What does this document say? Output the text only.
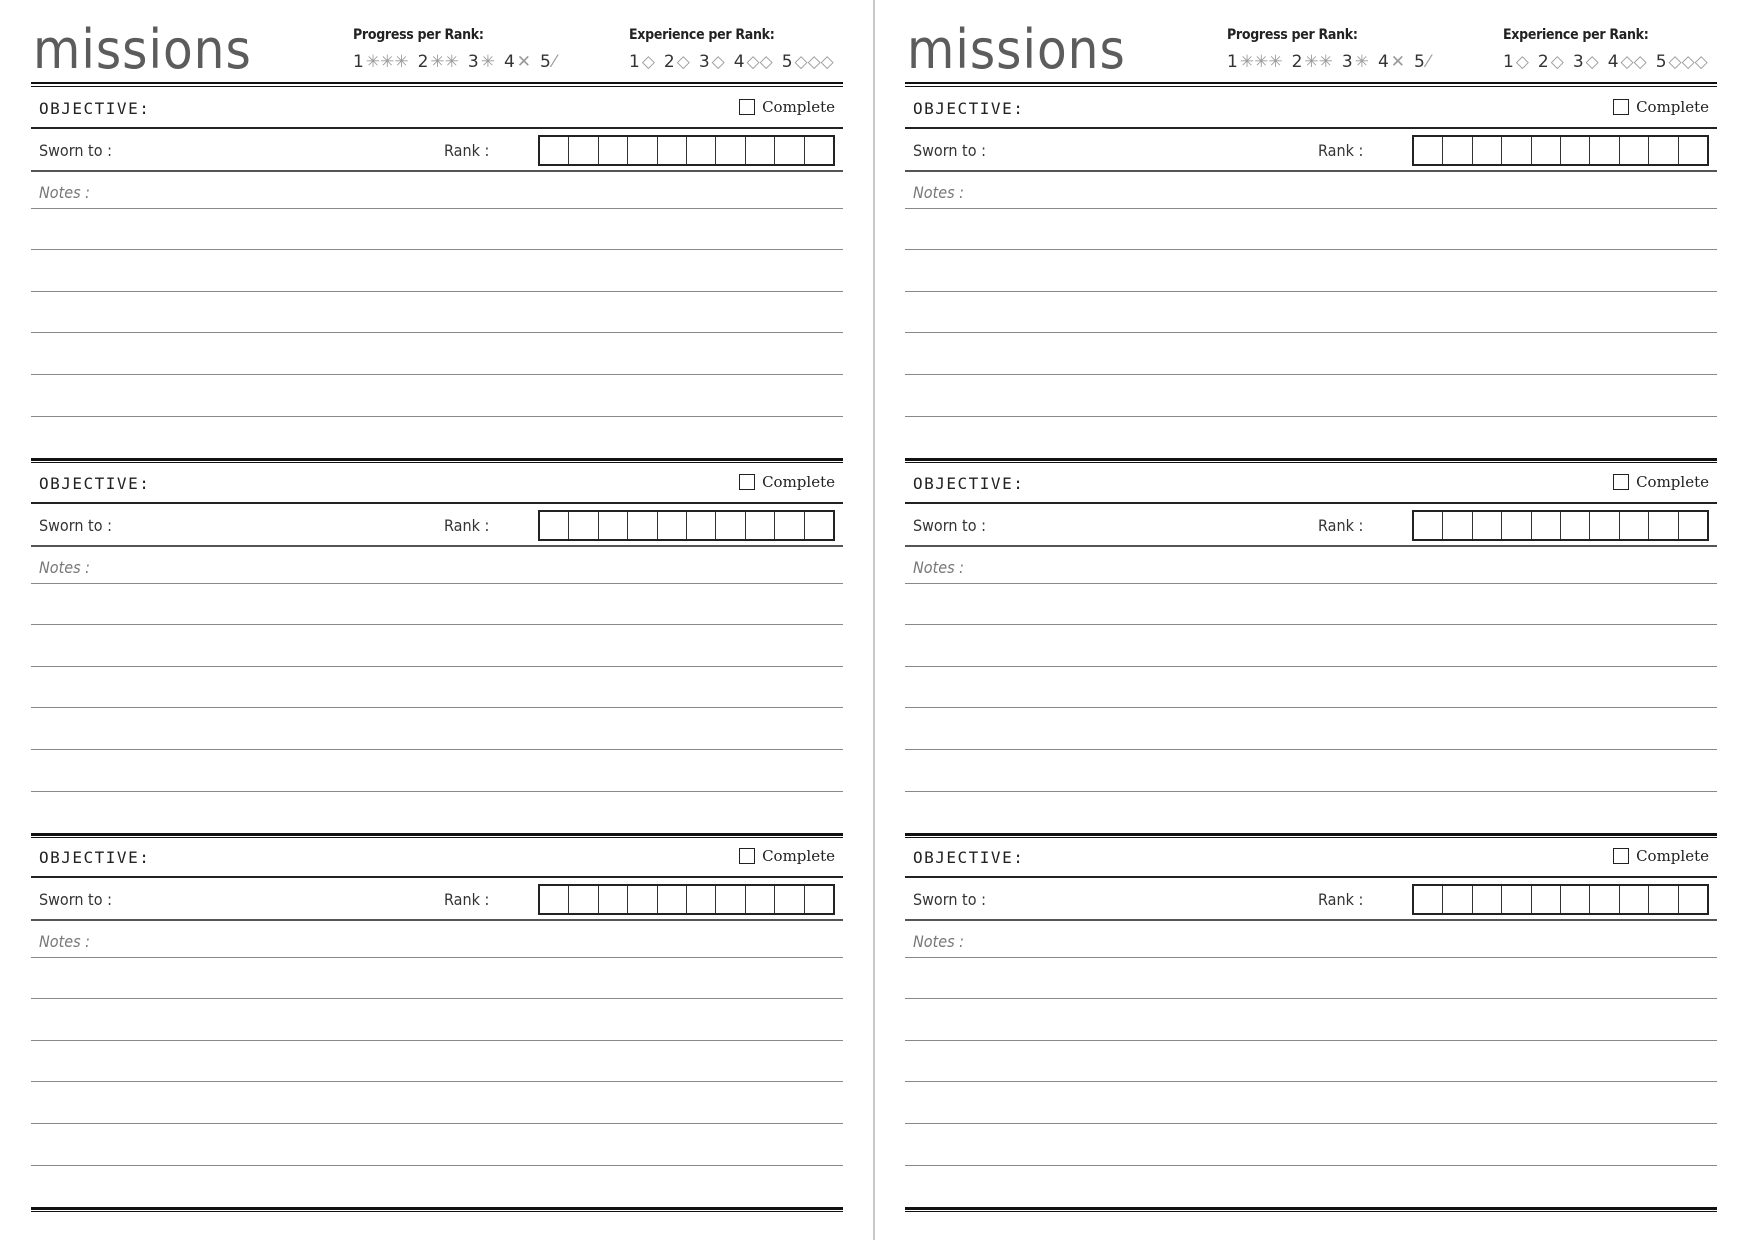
missions	Progress per Rank:
1 ✳✳✳ 2 ✳✳ 3 ✳ 4 ✕ 5 ⁄
Experience per Rank:
1 ◇ 2 ◇ 3 ◇ 4 ◇◇ 5 ◇◇◇
OBJECTIVE:	Complete
Sworn to :	Rank :
Notes :
OBJECTIVE:	Complete
Sworn to :	Rank :
Notes :
OBJECTIVE:	Complete
Sworn to :	Rank :
Notes :
missions	Progress per Rank:
1 ✳✳✳ 2 ✳✳ 3 ✳ 4 ✕ 5 ⁄
Experience per Rank:
1 ◇ 2 ◇ 3 ◇ 4 ◇◇ 5 ◇◇◇
OBJECTIVE:	Complete
Sworn to :	Rank :
Notes :
OBJECTIVE:	Complete
Sworn to :	Rank :
Notes :
OBJECTIVE:	Complete
Sworn to :	Rank :
Notes :
